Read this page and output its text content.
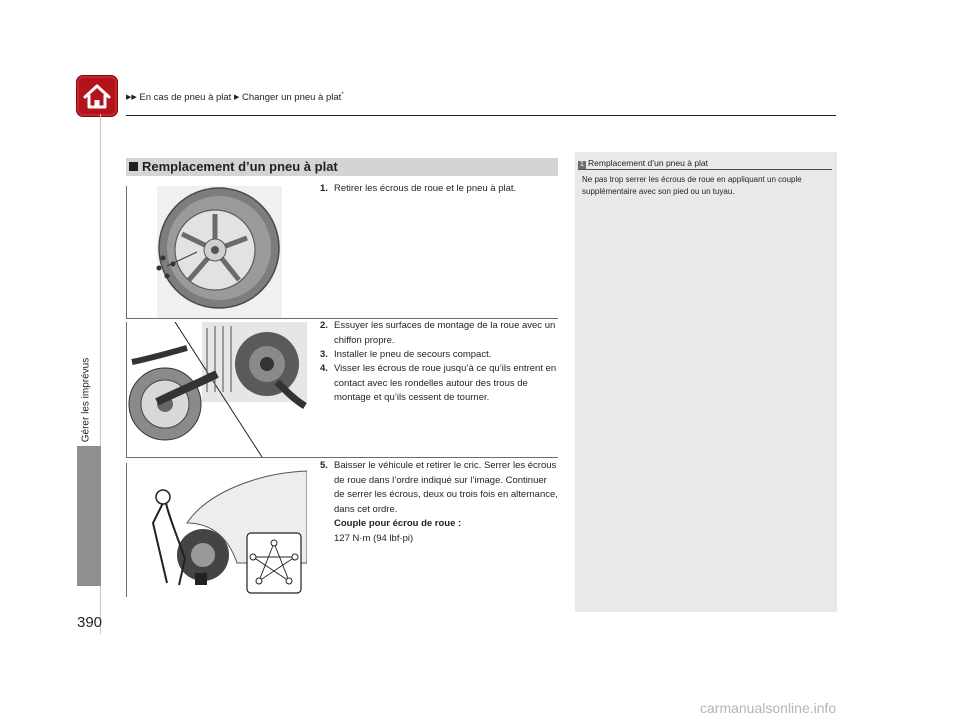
▶▶ En cas de pneu à plat ▶ Changer un pneu à plat*
Gérer les imprévus
Remplacement d’un pneu à plat
1. Retirer les écrous de roue et le pneu à plat.
2. Essuyer les surfaces de montage de la roue avec un chiffon propre.
3. Installer le pneu de secours compact.
4. Visser les écrous de roue jusqu’à ce qu’ils entrent en contact avec les rondelles autour des trous de montage et qu’ils cessent de tourner.
5. Baisser le véhicule et retirer le cric. Serrer les écrous de roue dans l’ordre indiqué sur l’image. Continuer de serrer les écrous, deux ou trois fois en alternance, dans cet ordre.
Couple pour écrou de roue :
127 N·m (94 lbf·pi)
1 Remplacement d’un pneu à plat
Ne pas trop serrer les écrous de roue en appliquant un couple supplémentaire avec son pied ou un tuyau.
390
carmanualsonline.info
